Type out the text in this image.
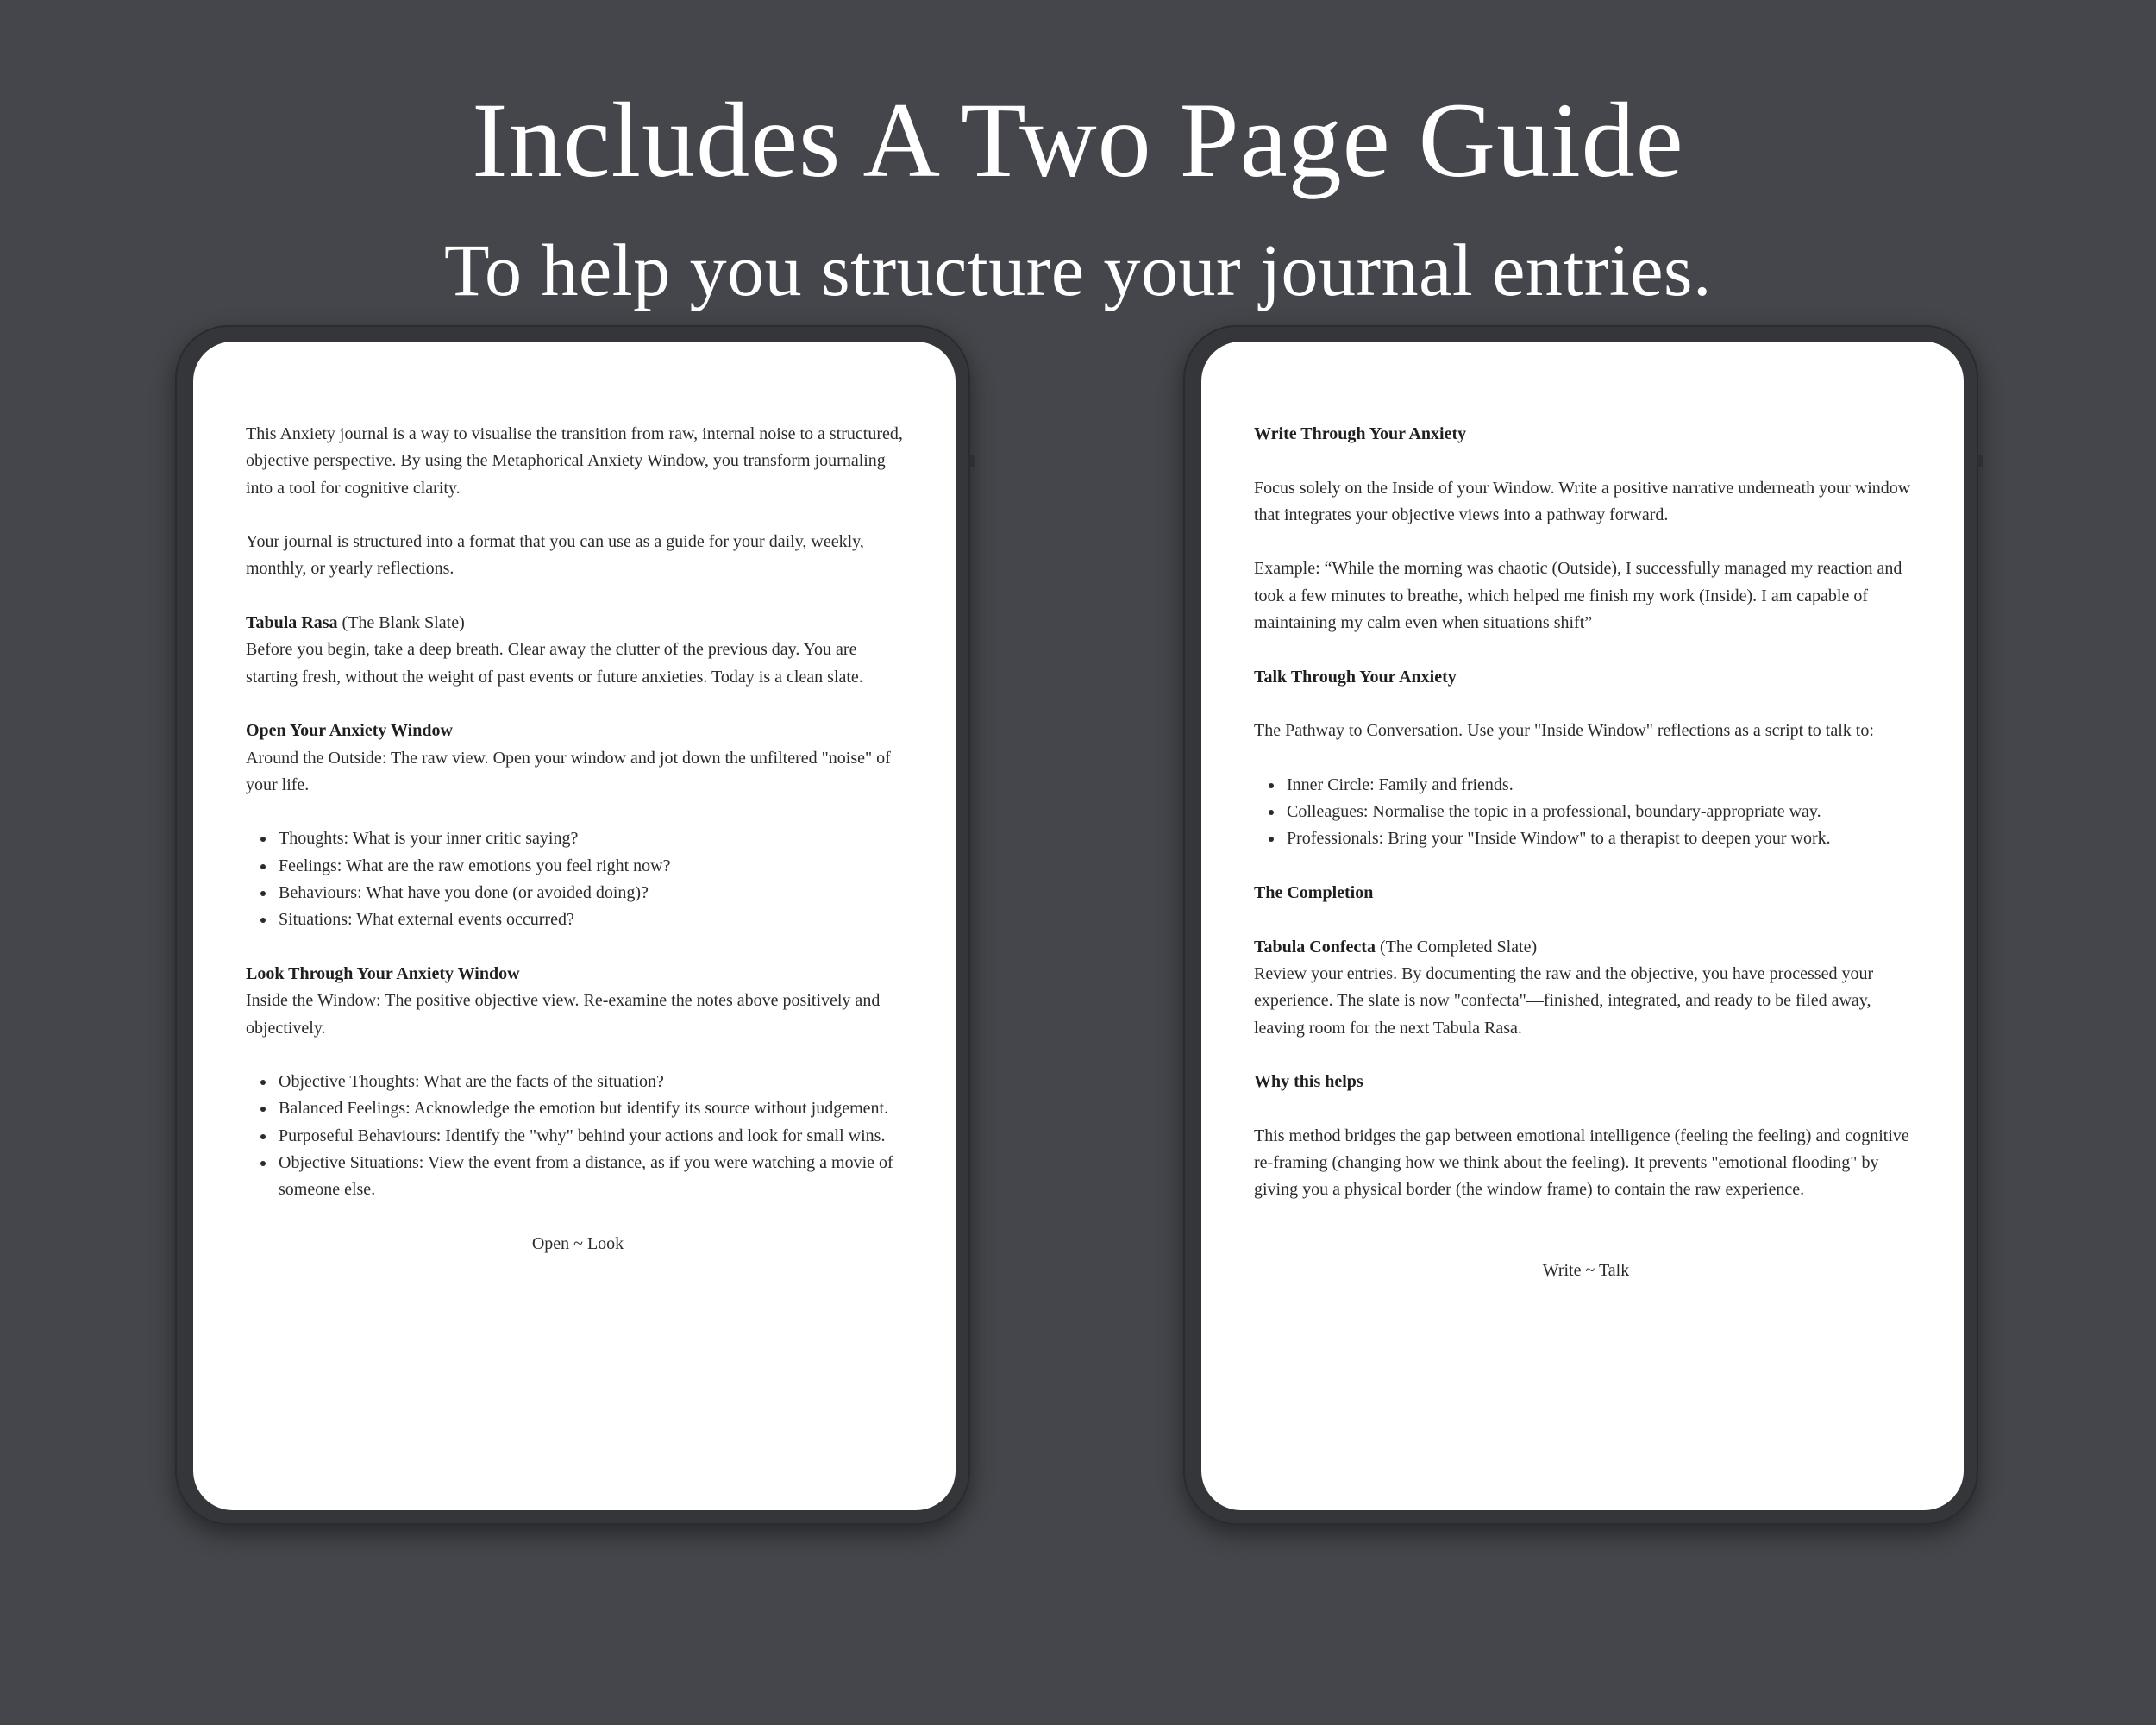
Includes A Two Page Guide
To help you structure your journal entries.

This Anxiety journal is a way to visualise the transition from raw, internal noise to a structured, objective perspective. By using the Metaphorical Anxiety Window, you transform journaling into a tool for cognitive clarity.

Your journal is structured into a format that you can use as a guide for your daily, weekly, monthly, or yearly reflections.

Tabula Rasa (The Blank Slate)

Before you begin, take a deep breath. Clear away the clutter of the previous day. You are starting fresh, without the weight of past events or future anxieties. Today is a clean slate.

Open Your Anxiety Window

Around the Outside: The raw view. Open your window and jot down the unfiltered "noise" of your life.

Thoughts: What is your inner critic saying?
Feelings: What are the raw emotions you feel right now?
Behaviours: What have you done (or avoided doing)?
Situations: What external events occurred?

Look Through Your Anxiety Window

Inside the Window: The positive objective view. Re-examine the notes above positively and objectively.

Objective Thoughts: What are the facts of the situation?
Balanced Feelings: Acknowledge the emotion but identify its source without judgement.
Purposeful Behaviours: Identify the "why" behind your actions and look for small wins.
Objective Situations: View the event from a distance, as if you were watching a movie of someone else.

Open ~ Look

Write Through Your Anxiety

Focus solely on the Inside of your Window. Write a positive narrative underneath your window that integrates your objective views into a pathway forward.

Example: “While the morning was chaotic (Outside), I successfully managed my reaction and took a few minutes to breathe, which helped me finish my work (Inside). I am capable of maintaining my calm even when situations shift”

Talk Through Your Anxiety

The Pathway to Conversation. Use your "Inside Window" reflections as a script to talk to:

Inner Circle: Family and friends.
Colleagues: Normalise the topic in a professional, boundary-appropriate way.
Professionals: Bring your "Inside Window" to a therapist to deepen your work.

The Completion

Tabula Confecta (The Completed Slate)

Review your entries. By documenting the raw and the objective, you have processed your experience. The slate is now "confecta"—finished, integrated, and ready to be filed away, leaving room for the next Tabula Rasa.

Why this helps

This method bridges the gap between emotional intelligence (feeling the feeling) and cognitive re-framing (changing how we think about the feeling). It prevents "emotional flooding" by giving you a physical border (the window frame) to contain the raw experience.

Write ~ Talk
